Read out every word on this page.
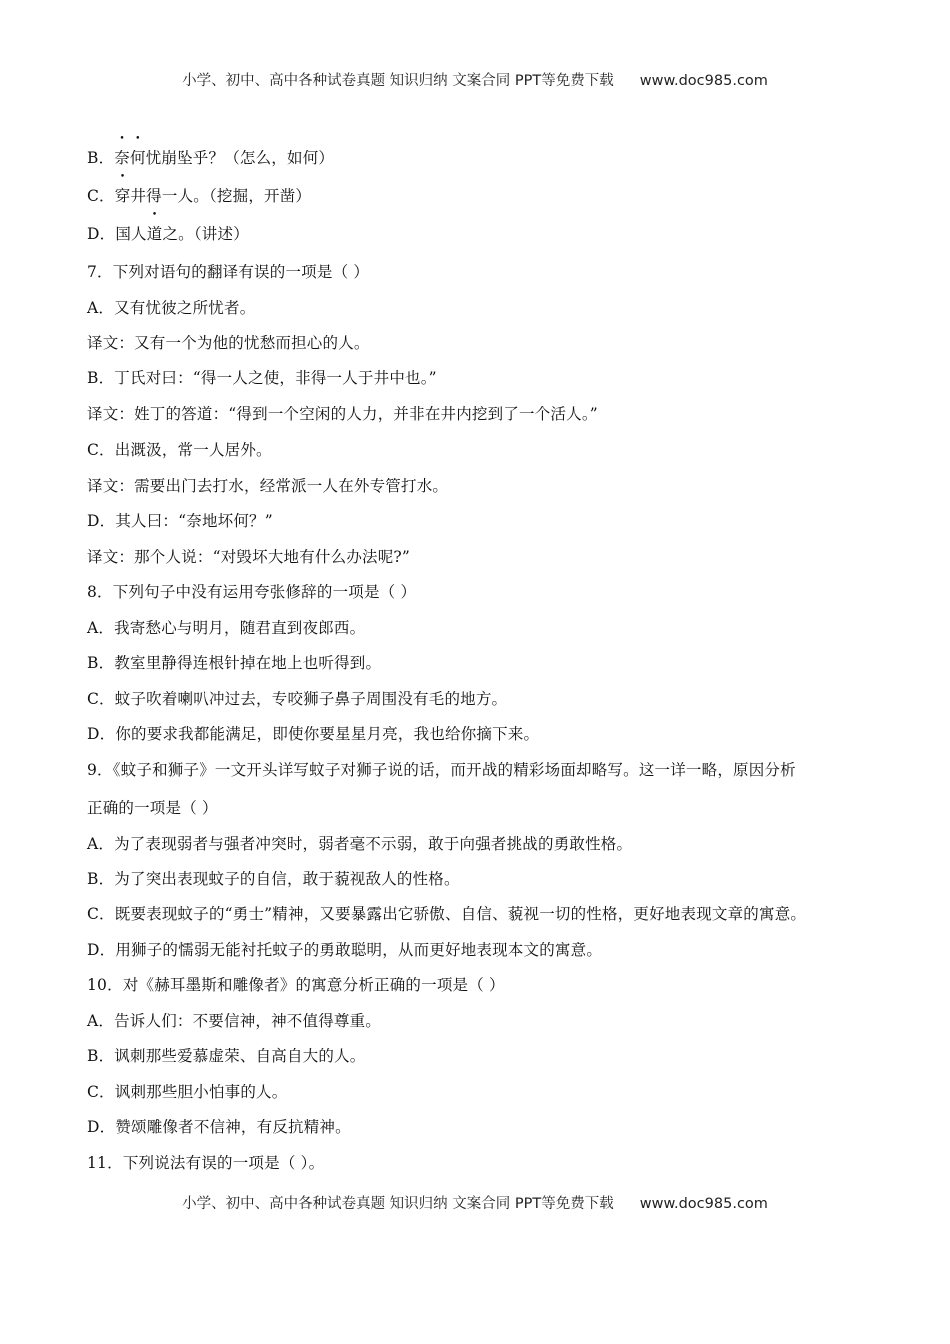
小学、初中、高中各种试卷真题 知识归纳 文案合同 PPT等免费下载 www.doc985.com
B．奈何忧崩坠乎？（怎么，如何）
C．穿井得一人。（挖掘，开凿）
D．国人道之。（讲述）
7．下列对语句的翻译有误的一项是（ ）
A．又有忧彼之所忧者。
译文：又有一个为他的忧愁而担心的人。
B．丁氏对曰：“得一人之使，非得一人于井中也。”
译文：姓丁的答道：“得到一个空闲的人力，并非在井内挖到了一个活人。”
C．出溉汲，常一人居外。
译文：需要出门去打水，经常派一人在外专管打水。
D．其人曰：“奈地坏何？”
译文：那个人说：“对毁坏大地有什么办法呢?”
8．下列句子中没有运用夸张修辞的一项是（ ）
A．我寄愁心与明月，随君直到夜郎西。
B．教室里静得连根针掉在地上也听得到。
C．蚊子吹着喇叭冲过去，专咬狮子鼻子周围没有毛的地方。
D．你的要求我都能满足，即使你要星星月亮，我也给你摘下来。
9．《蚊子和狮子》一文开头详写蚊子对狮子说的话，而开战的精彩场面却略写。这一详一略，原因分析
正确的一项是（ ）
A．为了表现弱者与强者冲突时，弱者毫不示弱，敢于向强者挑战的勇敢性格。
B．为了突出表现蚊子的自信，敢于藐视敌人的性格。
C．既要表现蚊子的“勇士”精神，又要暴露出它骄傲、自信、藐视一切的性格，更好地表现文章的寓意。
D．用狮子的懦弱无能衬托蚊子的勇敢聪明，从而更好地表现本文的寓意。
10．对《赫耳墨斯和雕像者》的寓意分析正确的一项是（ ）
A．告诉人们：不要信神，神不值得尊重。
B．讽刺那些爱慕虚荣、自高自大的人。
C．讽刺那些胆小怕事的人。
D．赞颂雕像者不信神，有反抗精神。
11．下列说法有误的一项是（ ）。
小学、初中、高中各种试卷真题 知识归纳 文案合同 PPT等免费下载 www.doc985.com
